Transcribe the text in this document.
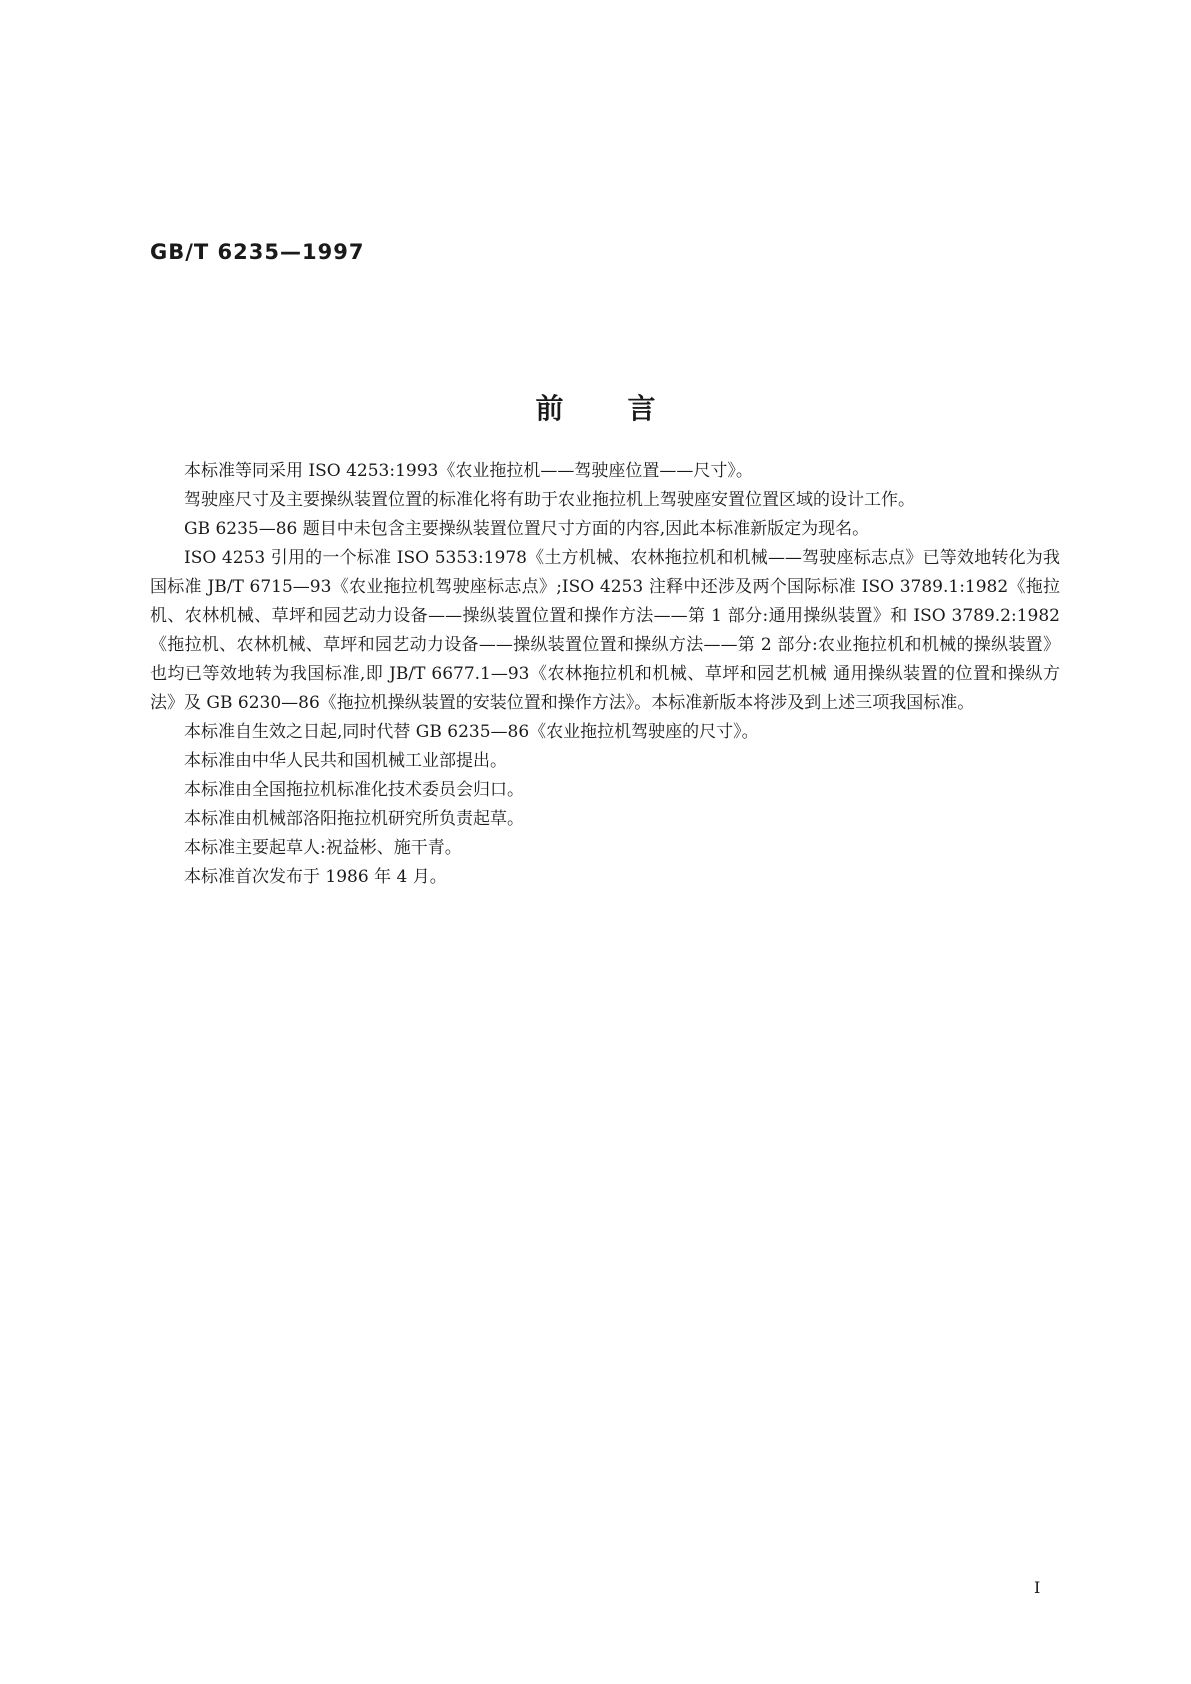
GB/T 6235—1997
前言

本标准等同采用 ISO 4253:1993《农业拖拉机——驾驶座位置——尺寸》。

驾驶座尺寸及主要操纵装置位置的标准化将有助于农业拖拉机上驾驶座安置位置区域的设计工作。

GB 6235—86 题目中未包含主要操纵装置位置尺寸方面的内容,因此本标准新版定为现名。

ISO 4253 引用的一个标准 ISO 5353:1978《土方机械、农林拖拉机和机械——驾驶座标志点》已等效地转化为我国标准 JB/T 6715—93《农业拖拉机驾驶座标志点》;ISO 4253 注释中还涉及两个国际标准 ISO 3789.1:1982《拖拉机、农林机械、草坪和园艺动力设备——操纵装置位置和操作方法——第 1 部分:通用操纵装置》和 ISO 3789.2:1982《拖拉机、农林机械、草坪和园艺动力设备——操纵装置位置和操纵方法——第 2 部分:农业拖拉机和机械的操纵装置》也均已等效地转为我国标准,即 JB/T 6677.1—93《农林拖拉机和机械、草坪和园艺机械 通用操纵装置的位置和操纵方法》及 GB 6230—86《拖拉机操纵装置的安装位置和操作方法》。本标准新版本将涉及到上述三项我国标准。

本标准自生效之日起,同时代替 GB 6235—86《农业拖拉机驾驶座的尺寸》。

本标准由中华人民共和国机械工业部提出。

本标准由全国拖拉机标准化技术委员会归口。

本标准由机械部洛阳拖拉机研究所负责起草。

本标准主要起草人:祝益彬、施干青。

本标准首次发布于 1986 年 4 月。

I
